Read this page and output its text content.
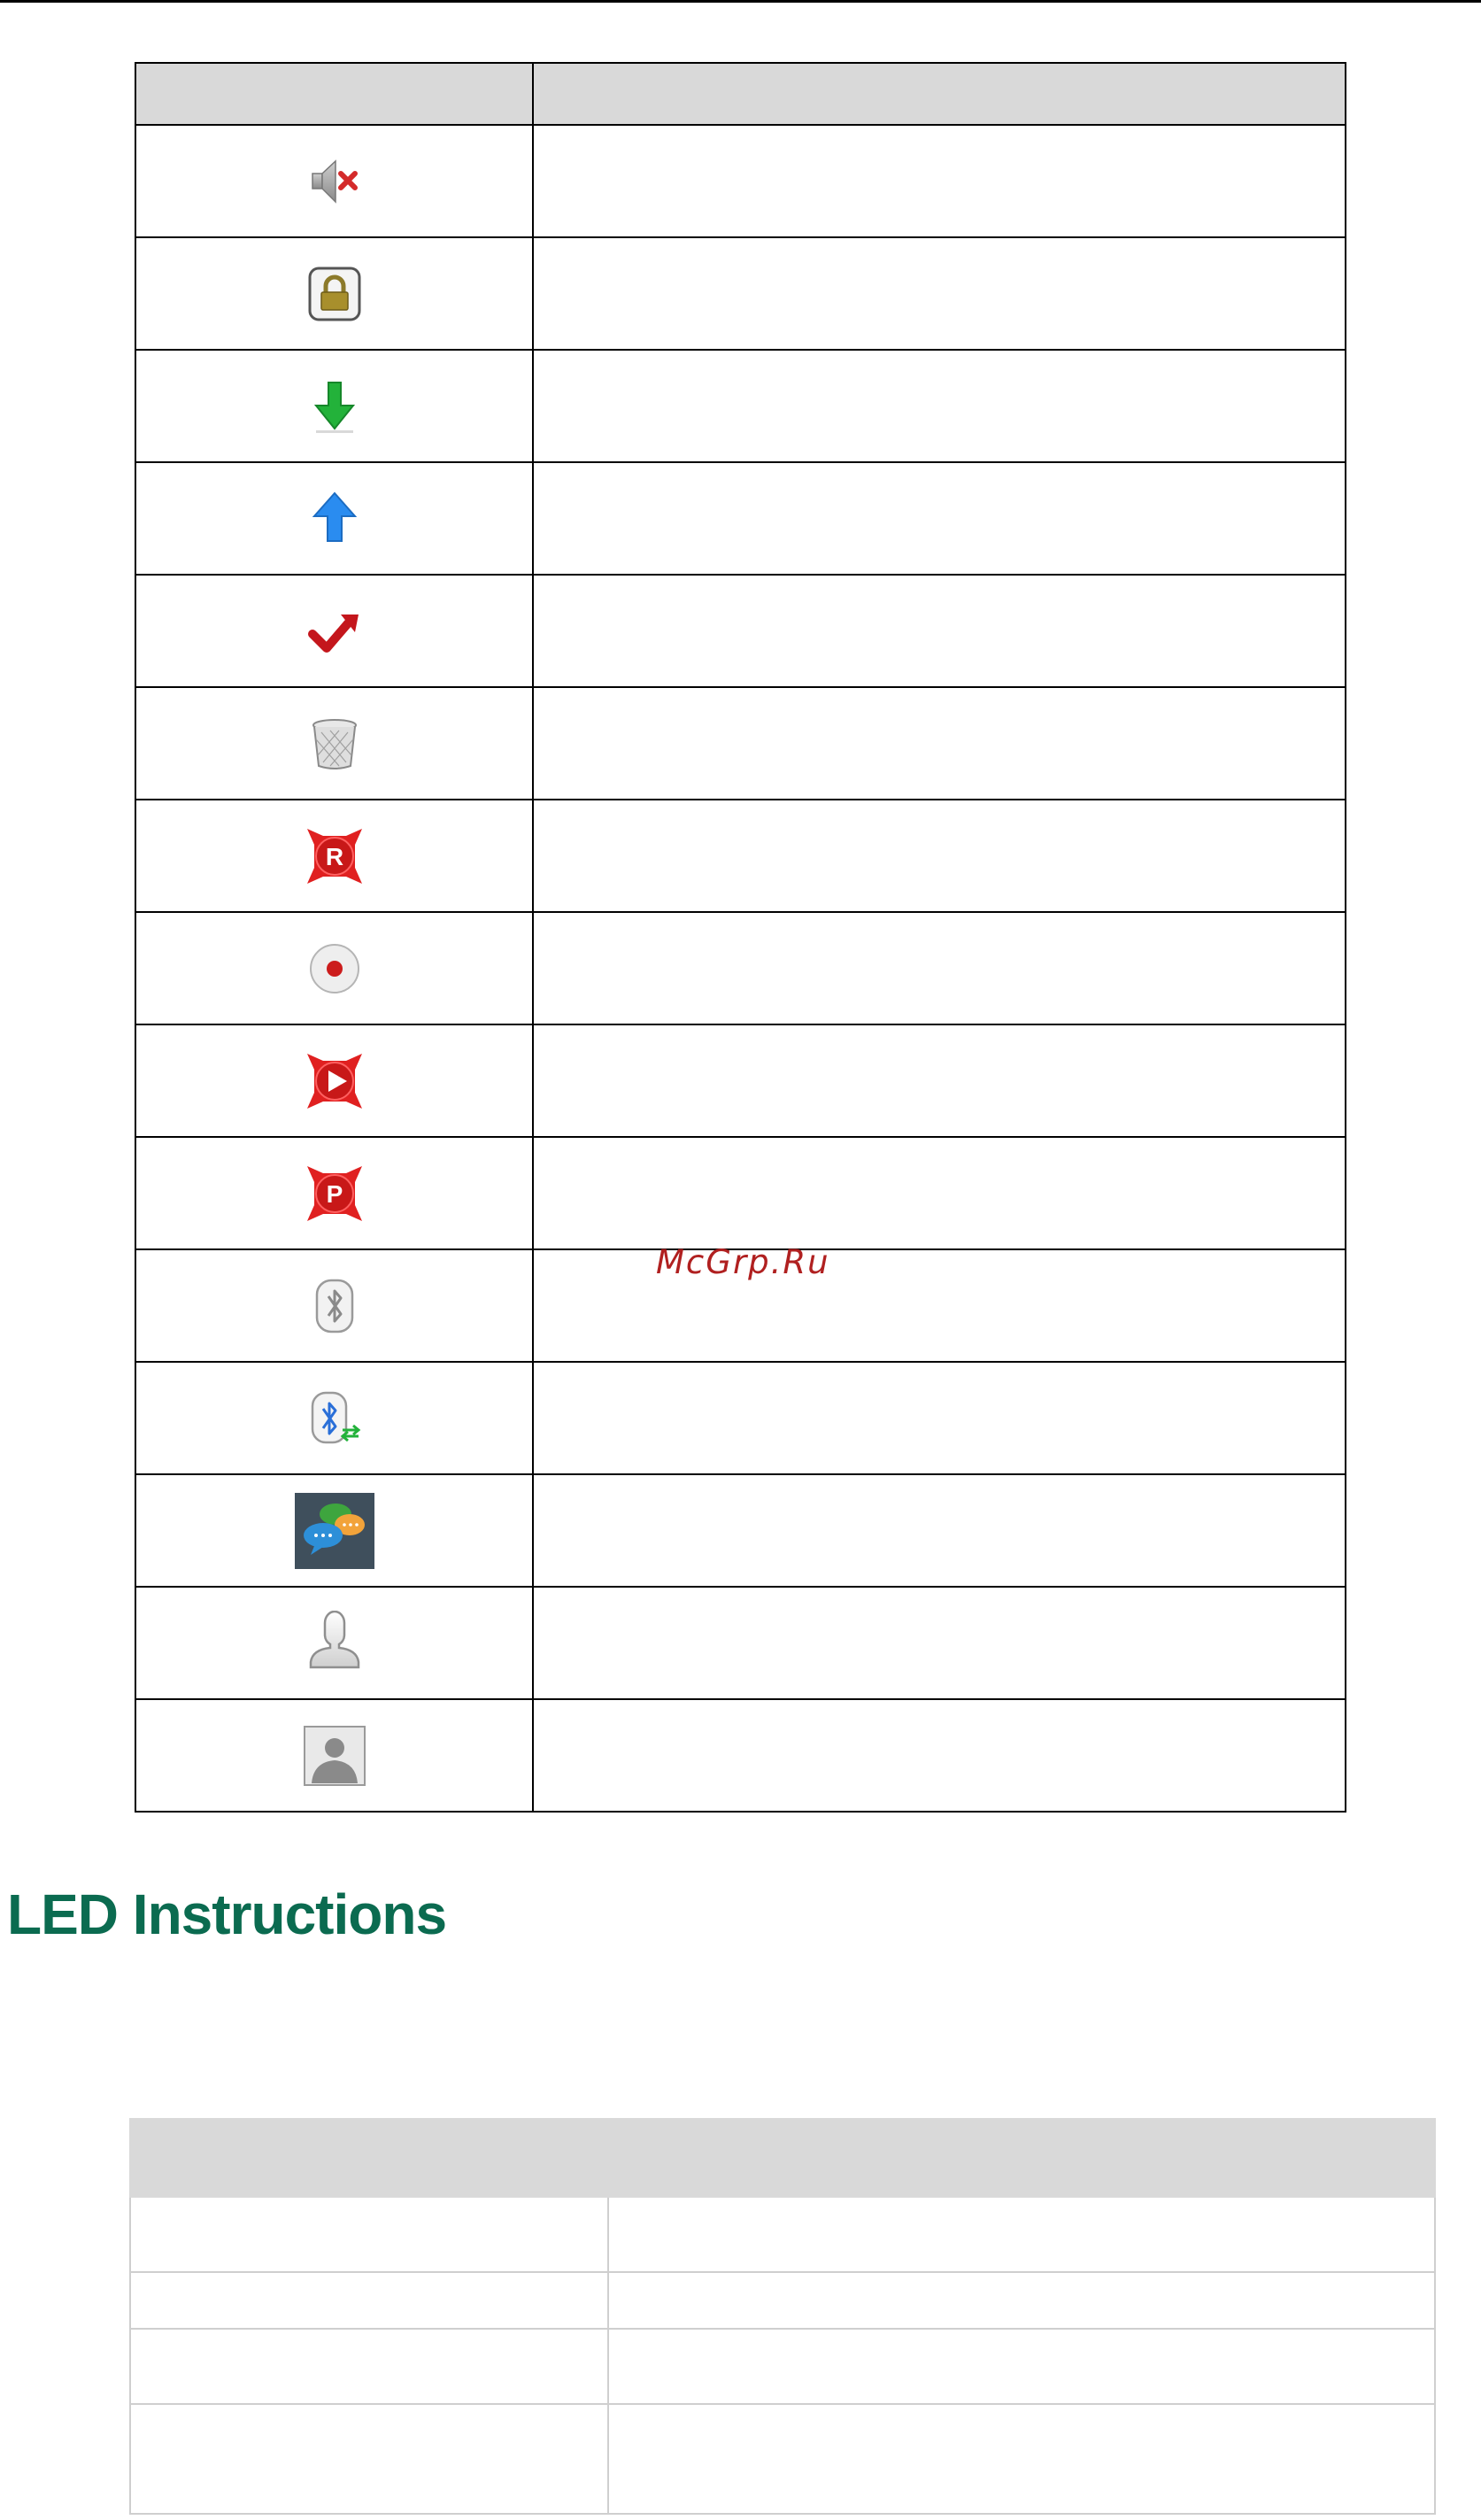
R	

P	

McGrp.Ru
LED Instructions
